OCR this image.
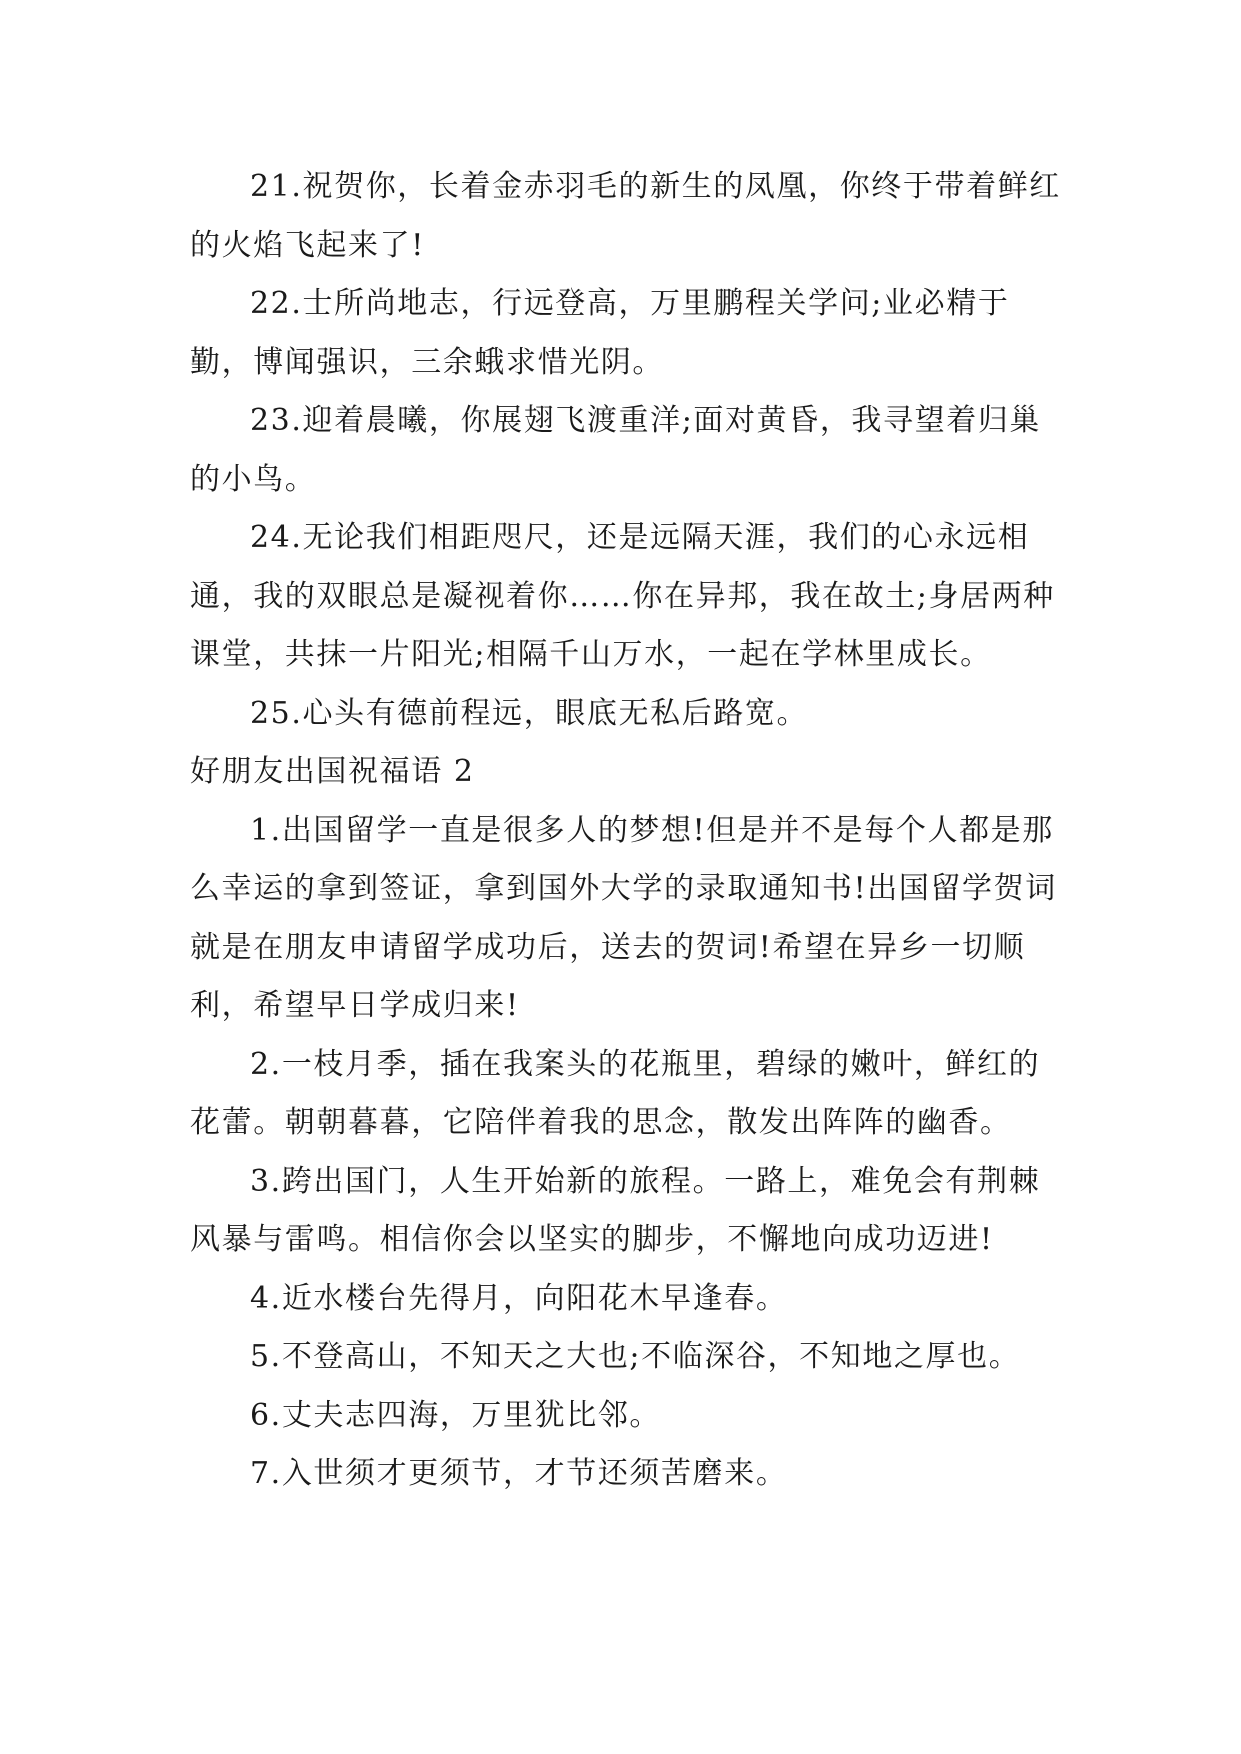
21.祝贺你，长着金赤羽毛的新生的凤凰，你终于带着鲜红的火焰飞起来了!

22.士所尚地志，行远登高，万里鹏程关学问;业必精于勤，博闻强识，三余蛾求惜光阴。

23.迎着晨曦，你展翅飞渡重洋;面对黄昏，我寻望着归巢的小鸟。

24.无论我们相距咫尺，还是远隔天涯，我们的心永远相通，我的双眼总是凝视着你……你在异邦，我在故土;身居两种课堂，共抹一片阳光;相隔千山万水，一起在学林里成长。

25.心头有德前程远，眼底无私后路宽。

好朋友出国祝福语 2

1.出国留学一直是很多人的梦想!但是并不是每个人都是那么幸运的拿到签证，拿到国外大学的录取通知书!出国留学贺词就是在朋友申请留学成功后，送去的贺词!希望在异乡一切顺利，希望早日学成归来!

2.一枝月季，插在我案头的花瓶里，碧绿的嫩叶，鲜红的花蕾。朝朝暮暮，它陪伴着我的思念，散发出阵阵的幽香。

3.跨出国门，人生开始新的旅程。一路上，难免会有荆棘风暴与雷鸣。相信你会以坚实的脚步，不懈地向成功迈进!

4.近水楼台先得月，向阳花木早逢春。

5.不登高山，不知天之大也;不临深谷，不知地之厚也。

6.丈夫志四海，万里犹比邻。

7.入世须才更须节，才节还须苦磨来。
